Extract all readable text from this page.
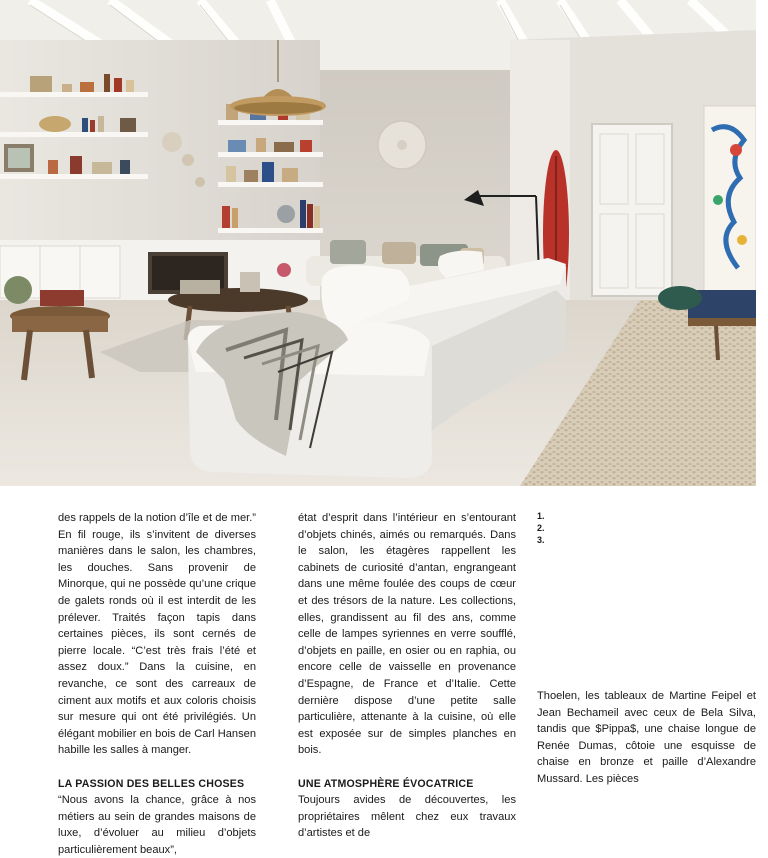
des rappels de la notion d’île et de mer.” En fil rouge, ils s’invitent de diverses manières dans le salon, les chambres, les douches. Sans provenir de Minorque, qui ne possède qu’une crique de galets ronds où il est interdit de les prélever. Traités façon tapis dans certaines pièces, ils sont cernés de pierre locale. “C’est très frais l’été et assez doux.” Dans la cuisine, en revanche, ce sont des carreaux de ciment aux motifs et aux coloris choisis sur mesure qui ont été privilégiés. Un élégant mobilier en bois de Carl Hansen habille les salles à manger.

LA PASSION DES BELLES CHOSES

“Nous avons la chance, grâce à nos métiers au sein de grandes maisons de luxe, d’évoluer au milieu d’objets particulièrement beaux”,

état d’esprit dans l’intérieur en s’entourant d’objets chinés, aimés ou remarqués. Dans le salon, les étagères rappellent les cabinets de curiosité d’antan, engrangeant dans une même foulée des coups de cœur et des trésors de la nature. Les collections, elles, grandissent au fil des ans, comme celle de lampes syriennes en verre soufflé, d’objets en paille, en osier ou en raphia, ou encore celle de vaisselle en provenance d’Espagne, de France et d’Italie. Cette dernière dispose d’une petite salle particulière, attenante à la cuisine, où elle est exposée sur de simples planches en bois.

UNE ATMOSPHÈRE ÉVOCATRICE

Toujours avides de découvertes, les propriétaires mêlent chez eux travaux d’artistes et de

1.
2.
3.

Thoelen, les tableaux de Martine Feipel et Jean Bechameil avec ceux de Bela Silva, tandis que $Pippa$, une chaise longue de Renée Dumas, côtoie une esquisse de chaise en bronze et paille d’Alexandre Mussard. Les pièces
